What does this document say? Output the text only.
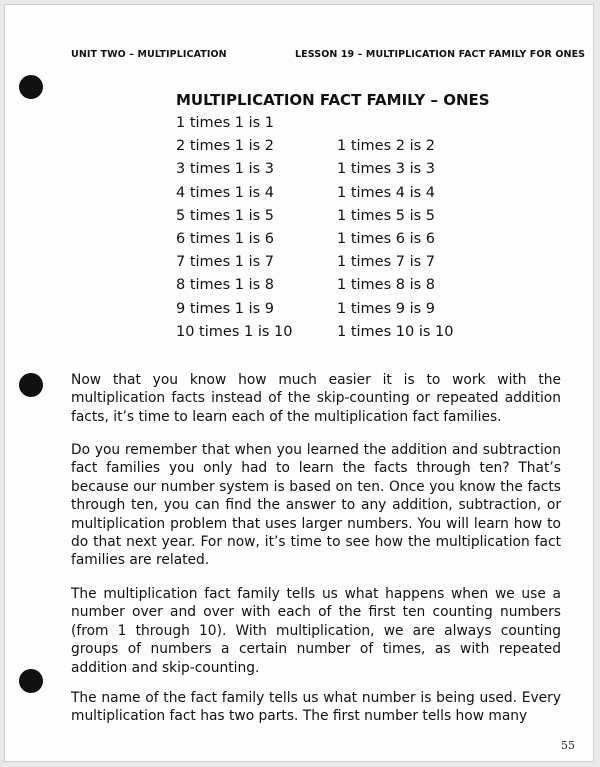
UNIT TWO – MULTIPLICATION	LESSON 19 – MULTIPLICATION FACT FAMILY FOR ONES
MULTIPLICATION FACT FAMILY – ONES
1 times 1 is 1
2 times 1 is 2	1 times 2 is 2
3 times 1 is 3	1 times 3 is 3
4 times 1 is 4	1 times 4 is 4
5 times 1 is 5	1 times 5 is 5
6 times 1 is 6	1 times 6 is 6
7 times 1 is 7	1 times 7 is 7
8 times 1 is 8	1 times 8 is 8
9 times 1 is 9	1 times 9 is 9
10 times 1 is 10	1 times 10 is 10

Now that you know how much easier it is to work with the multiplication facts instead of the skip-counting or repeated addition facts, it’s time to learn each of the multiplication fact families.

Do you remember that when you learned the addition and subtraction fact families you only had to learn the facts through ten? That’s because our number system is based on ten. Once you know the facts through ten, you can find the answer to any addition, subtraction, or multiplication problem that uses larger numbers. You will learn how to do that next year. For now, it’s time to see how the multiplication fact families are related.

The multiplication fact family tells us what happens when we use a number over and over with each of the first ten counting numbers (from 1 through 10). With multiplication, we are always counting groups of numbers a certain number of times, as with repeated addition and skip-counting.

The name of the fact family tells us what number is being used. Every multiplication fact has two parts. The first number tells how many

55
